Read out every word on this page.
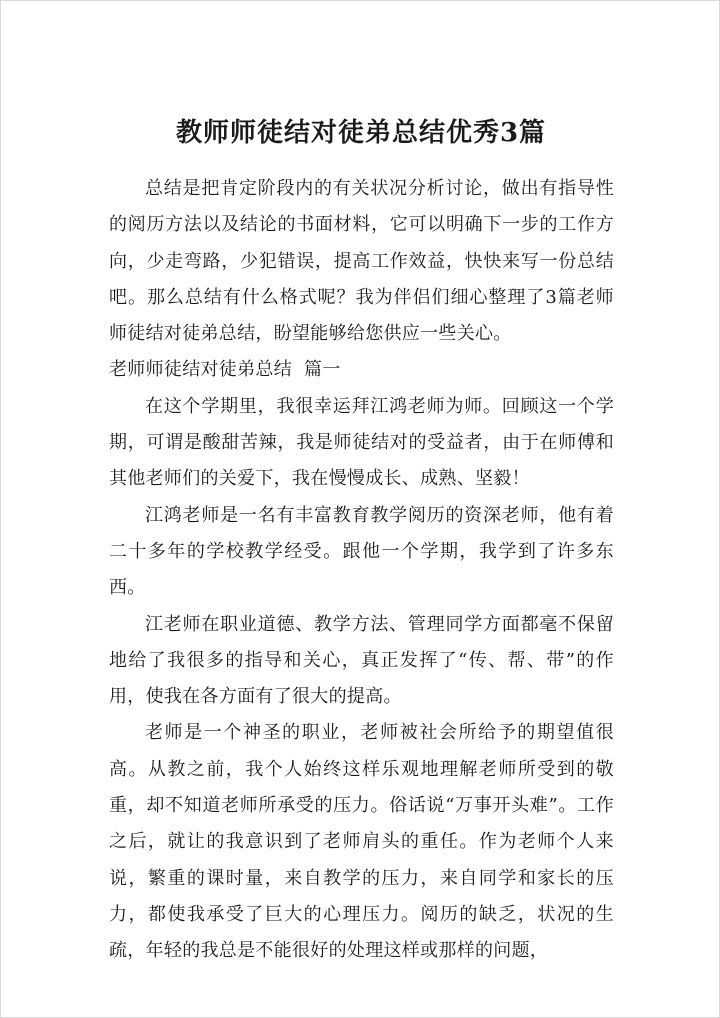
教师师徒结对徒弟总结优秀3篇

总结是把肯定阶段内的有关状况分析讨论，做出有指导性的阅历方法以及结论的书面材料，它可以明确下一步的工作方向，少走弯路，少犯错误，提高工作效益，快快来写一份总结吧。那么总结有什么格式呢？我为伴侣们细心整理了3篇老师师徒结对徒弟总结，盼望能够给您供应一些关心。

老师师徒结对徒弟总结  篇一

在这个学期里，我很幸运拜江鸿老师为师。回顾这一个学期，可谓是酸甜苦辣，我是师徒结对的受益者，由于在师傅和其他老师们的关爱下，我在慢慢成长、成熟、坚毅！

江鸿老师是一名有丰富教育教学阅历的资深老师，他有着二十多年的学校教学经受。跟他一个学期，我学到了许多东西。

江老师在职业道德、教学方法、管理同学方面都毫不保留地给了我很多的指导和关心，真正发挥了“传、帮、带”的作用，使我在各方面有了很大的提高。

老师是一个神圣的职业，老师被社会所给予的期望值很高。从教之前，我个人始终这样乐观地理解老师所受到的敬重，却不知道老师所承受的压力。俗话说“万事开头难”。工作之后，就让的我意识到了老师肩头的重任。作为老师个人来说，繁重的课时量，来自教学的压力，来自同学和家长的压力，都使我承受了巨大的心理压力。阅历的缺乏，状况的生疏，年轻的我总是不能很好的处理这样或那样的问题，
